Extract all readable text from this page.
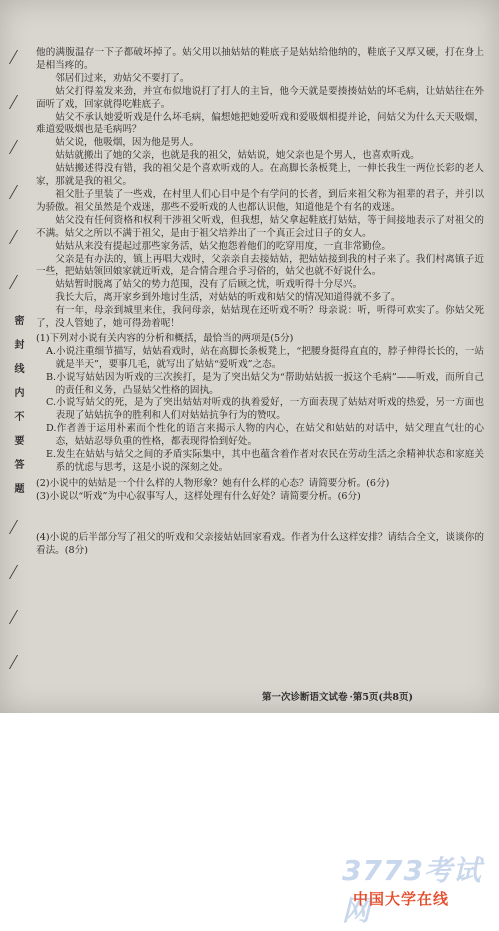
密封线内不要答题

他的满腹温存一下子都破坏掉了。姑父用以抽姑姑的鞋底子是姑姑给他纳的，鞋底子又厚又硬，打在身上是相当疼的。

邻居们过来，劝姑父不要打了。

姑父打得羞发来劲，并宣布似地说打了打人的主旨，他今天就是要揍揍姑姑的坏毛病，让姑姑往在外面听了戏，回家就得吃鞋底子。

姑父不承认她爱听戏是什么坏毛病，偏想她把她爱听戏和爱吸烟相提并论，问姑父为什么天天吸烟，难道爱吸烟也是毛病吗？

姑父说，他吸烟，因为他是男人。

姑姑就搬出了她的父亲，也就是我的祖父，姑姑说，她父亲也是个男人，也喜欢听戏。

姑姑搬述得没有错，我的祖父是个喜欢听戏的人。在高脚长条板凳上，一伸长我生一两位长彩的老人家，那就是我的祖父。

祖父肚子里装了一些戏，在村里人们心目中是个有学问的长者，到后来祖父称为祖辈的君子，并引以为骄傲。祖父虽然是个戏迷，那些不爱听戏的人也都认识他，知道他是个有名的戏迷。

姑父没有任何资格和权利干涉祖父听戏，但我想，姑父拿起鞋底打姑姑，等于间接地表示了对祖父的不满。姑父之所以不满于祖父，是由于祖父培养出了一个真正会过日子的女人。

姑姑从来没有提起过那些家务活，姑父抱怨着他们的吃穿用度，一直非常勤俭。

父亲是有办法的，镇上再唱大戏时，父亲亲自去接姑姑，把姑姑接到我的村子来了。我们村离镇子近一些，把姑姑领回娘家就近听戏，是合情合理合乎习俗的，姑父也就不好说什么。

姑姑暂时脱离了姑父的势力范围，没有了后顾之忧，听戏听得十分尽兴。

我长大后，离开家乡到外地讨生活，对姑姑的听戏和姑父的情况知道得就不多了。

有一年，母亲到城里来住，我问母亲，姑姑现在还听戏不听？母亲说：听，听得可欢实了。你姑父死了，没人管她了，她可得劲着呢！

(1)下列对小说有关内容的分析和概括，最恰当的两项是(5分)

A.小说注重细节描写，姑姑看戏时，站在高脚长条板凳上，“把腰身挺得直直的，脖子伸得长长的，一站就是半天”，要事几毛，就写出了姑姑“爱听戏”之态。

B.小说写姑姑因为听戏的三次挨打，是为了突出姑父为“帮助姑姑扳一扳这个毛病”——听戏，而所自己的责任和义务，凸显姑父性格的固执。

C.小说写姑父的死，是为了突出姑姑对听戏的执着爱好，一方面表现了姑姑对听戏的热爱，另一方面也表现了姑姑抗争的胜利和人们对姑姑抗争行为的赞叹。

D.作者善于运用朴素而个性化的语言来揭示人物的内心，在姑父和姑姑的对话中，姑父理直气壮的心态，姑姑忍辱负重的性格，都表现得恰到好处。

E.发生在姑姑与姑父之间的矛盾实际集中，其中也蕴含着作者对农民在劳动生活之余精神状态和家庭关系的忧虑与思考，这是小说的深刻之处。

(2)小说中的姑姑是一个什么样的人物形象？她有什么样的心态？请简要分析。(6分)

(3)小说以“听戏”为中心叙事写人，这样处理有什么好处？请简要分析。(6分)

(4)小说的后半部分写了祖父的听戏和父亲接姑姑回家看戏。作者为什么这样安排？请结合全文，谈谈你的看法。(8分)

第一次诊断语文试卷 ·第5页(共8页)
3773考试网
中国大学在线
